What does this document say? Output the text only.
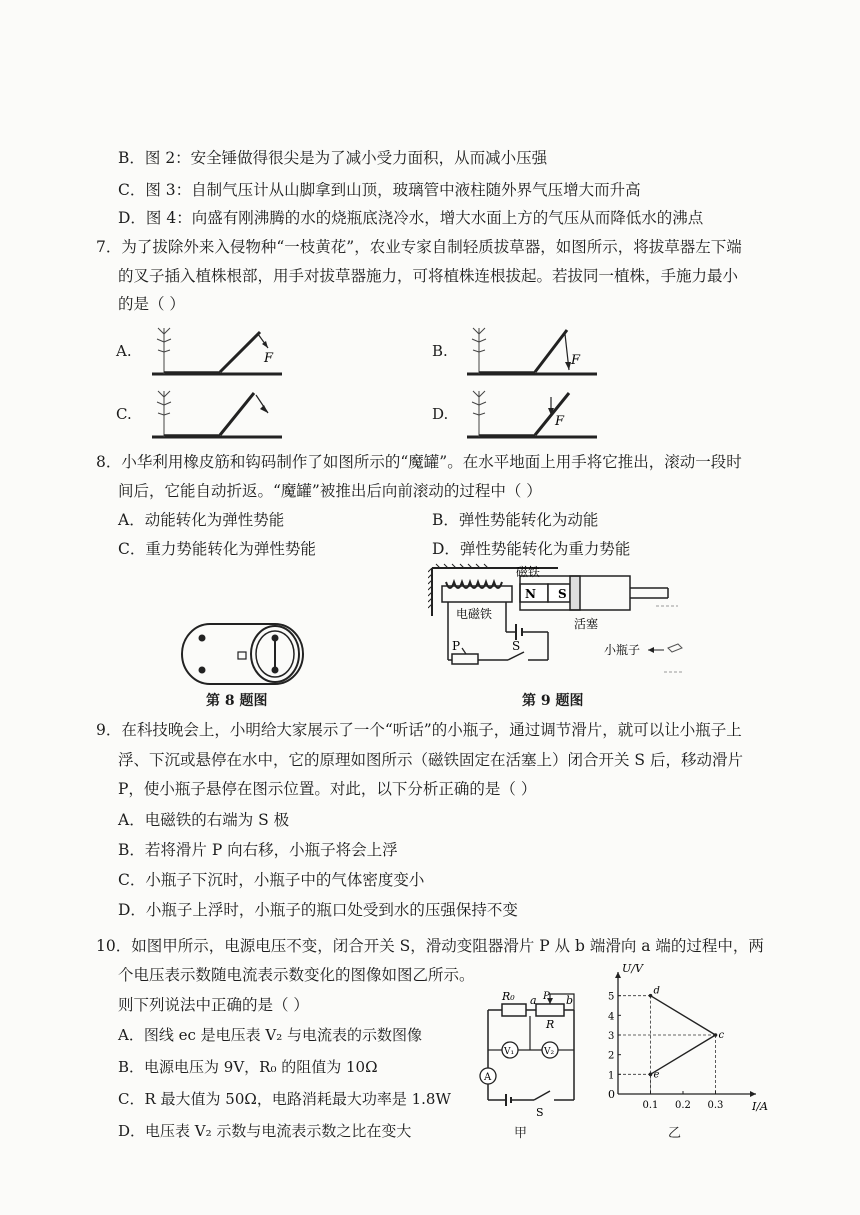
B．图 2：安全锤做得很尖是为了减小受力面积，从而减小压强
C．图 3：自制气压计从山脚拿到山顶，玻璃管中液柱随外界气压增大而升高
D．图 4：向盛有刚沸腾的水的烧瓶底浇冷水，增大水面上方的气压从而降低水的沸点
7．为了拔除外来入侵物种“一枝黄花”，农业专家自制轻质拔草器，如图所示，将拔草器左下端
的叉子插入植株根部，用手对拔草器施力，可将植株连根拔起。若拔同一植株，手施力最小
的是（ ）
A.	B.
C.	D.
F	F
F
8．小华利用橡皮筋和钩码制作了如图所示的“魔罐”。在水平地面上用手将它推出，滚动一段时
间后，它能自动折返。“魔罐”被推出后向前滚动的过程中（ ）
A．动能转化为弹性势能	B．弹性势能转化为动能
C．重力势能转化为弹性势能	D．弹性势能转化为重力势能
第 8 题图
磁铁
N S
电磁铁
活塞
P	S	小瓶子
第 9 题图
9．在科技晚会上，小明给大家展示了一个“听话”的小瓶子，通过调节滑片，就可以让小瓶子上
浮、下沉或悬停在水中，它的原理如图所示（磁铁固定在活塞上）闭合开关 S 后，移动滑片
P，使小瓶子悬停在图示位置。对此，以下分析正确的是（ ）
A．电磁铁的右端为 S 极
B．若将滑片 P 向右移，小瓶子将会上浮
C．小瓶子下沉时，小瓶子中的气体密度变小
D．小瓶子上浮时，小瓶子的瓶口处受到水的压强保持不变
10．如图甲所示，电源电压不变，闭合开关 S，滑动变阻器滑片 P 从 b 端滑向 a 端的过程中，两
个电压表示数随电流表示数变化的图像如图乙所示。
则下列说法中正确的是（ ）
A．图线 ec 是电压表 V₂ 与电流表的示数图像
B．电源电压为 9V，R₀ 的阻值为 10Ω
C．R 最大值为 50Ω，电路消耗最大功率是 1.8W
D．电压表 V₂ 示数与电流表示数之比在变大
R₀
R
a	b
P
V₁	V₂
A
S
甲
0.1 0.2 0.3
1
2
3
4
5
d
c
e
U/V
I/A
0
乙
